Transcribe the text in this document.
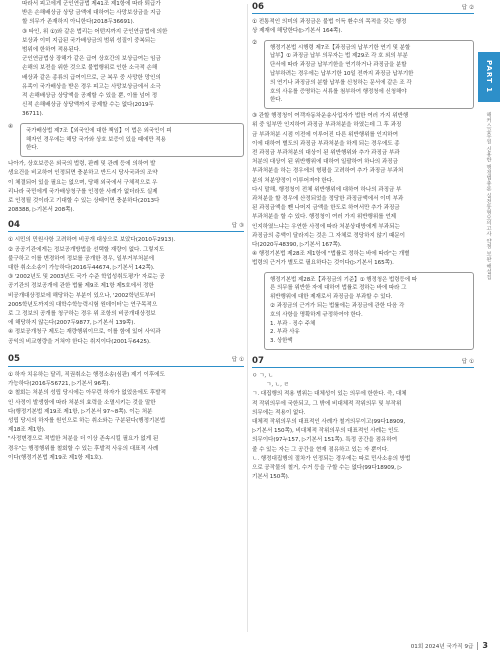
따라서 피고에게 군인연금법 제41조 제1항에 따라 퇴급가

받은 손해배상금 상당 금액에 대하여는 사망보상금을 지급

할 의무가 존재하지 아니한다(2018두36691).

③ 타인, 위 ①)와 같은 법리는 어떤지까지 군인연금법에 의한

보상과 이미 지급된 국가배상금의 범위 성질이 중복되는

범위에 한하여 적용된다.

군인연금법상 장해가 같은 급여 상호간의 보상급여는 임금

손해의 보전을 위한 것으로 불법행위로 인한 소극적 손해

배상과 같은 종류의 급여이므로, 군 복무 중 사망한 망인의

유족이 국가배상을 받은 경우 피고는 사망보상금에서 소극

적 손해배상금 상당액을 공제할 수 있을 뿐, 이를 넘어 정

신적 손해배상금 상당액까지 공제할 수는 없다(2019두

36711).

④

국가배상법 제7조【외국인에 대한 책임】이 법은 외국인이 피

해자인 경우에는 해당 국가와 상호 보증이 있을 때에만 적용

한다.

나아가, 상호보증은 외국의 법령, 판례 및 관례 등에 의하여 발

생요건을 비교하여 인정되면 충분하고 반드시 당사국과의 조약

이 체결되어 있을 필요는 없으며, 당해 외국에서 구체적으로 우

리나라 국민에게 국가배상청구를 인정한 사례가 없더라도 실제

로 인정될 것이라고 기대할 수 있는 상태이면 충분하다(2013다

208388, ▷기본서 208쪽).

04	답 ③

① 시민의 민원사항 고려하여 비공개 대상으로 보았다(2010두2913).

② 공공기관에게는 정보공개방법을 선택할 재량이 없다. 그렇지도

불구하고 이를 변경하여 정보를 공개한 경우, 일부거부처분에

대한 취소소송이 가능하다(2016두44674, ▷기본서 142쪽).

③ '2002년도 및 2003년도 국가 수준 학업성취도평가' 자료는 공

공기관의 정보공개에 관한 법률 제9조 제1항 제5호에서 정한

비공개대상정보에 해당하는 부분이 있으나, '2002학년도부터

2005학년도까지의 대학수학능력시험 원데이터'는 연구목적으

로 그 정보의 공개를 청구하는 경우 위 조항의 비공개대상정보

에 해당하지 않는다(2007두9877, ▷기본서 139쪽).

④ 정보공개청구 제도는 재량행위이므로, 이를 함에 있어 사익과

공익의 비교형량을 거쳐야 한다는 취지이다(2001두6425).

05	답 ①

① 하자 치유하는 달리, 직권취소는 행정소송(심판) 제기 이후에도

가능하다(2016두56721, ▷기본서 96쪽).

② 철회는 처분의 성립 당시에는 아무런 하자가 없었음에도 후발적

인 사정이 발생함에 따라 처분의 효력을 소멸시키는 것을 말한

다(행정기본법 제19조 제1항, ▷기본서 97~8쪽). 이는 처분

성립 당시의 하자를 원인으로 하는 취소와는 구분된다(행정기본법

제18조 제1항).

"사정변경으로 적법한 처분을 더 이상 존속시킬 필요가 없게 된

경우"는 행정행위를 철회할 수 있는 후발적 사유의 대표적 사례

이다(행정기본법 제19조 제1항 제1호).

06	답 ②

① 전통적인 의미의 과징금은 불법 이득 환수의 목적을 갖는 행정

상 제재에 해당한다(▷기본서 164쪽).

②

행정기본법 시행령 제7조【과징금의 납부기한 연기 및 분할

납부】① 과징금 납부 의무자는 법 제29조 각 호 외의 부분

단서에 따라 과징금 납부기한을 연기하거나 과징금을 분할

납부하려는 경우에는 납부기한 10일 전까지 과징금 납부기한

의 연기나 과징금의 분할 납부를 신청하는 문서에 같은 조 각

호의 사유를 증명하는 서류를 첨부하여 행정청에 신청해야

한다.

③ 관할 행정청이 여객자동차운송사업자가 법한 여러 가지 위반행

위 중 일부만 인지하여 과징금 부과처분을 하였는데 그 후 과징

금 부과처분 시점 이전에 이루어진 다른 위반행위를 인지하여

이에 대하여 별도의 과징금 부과처분을 하게 되는 경우에도 종

전 과징금 부과처분의 대상이 된 위반행위와 추가 과징금 부과

처분의 대상이 된 위반행위에 대하여 일괄하여 하나의 과징금

부과처분을 하는 경우에의 형평을 고려하여 추가 과징금 부과처

분의 처분양정이 이루어져야 한다.

다시 말해, 행정청이 전체 위반행위에 대하여 하나의 과징금 부

과처분을 할 경우에 산정되었을 정당한 과징금액에서 이미 부과

된 과징금액을 뺀 나머지 금액을 한도로 하여서만 추가 과징금

부과처분을 할 수 있다. 행정청이 여러 가지 위반행위를 언제

인지하였느냐는 우연한 사정에 따라 처분상대방에게 부과되는

과징금의 총액이 달라지는 것은 그 자체로 정당하지 않기 때문이

다(2020두48390, ▷기본서 167쪽).

④ 행정기본법 제28조 제1항에 "법률로 정하는 바에 따라"는 개별

법령의 근거가 별도로 필요하다는 것이다(▷기본서 165쪽).

행정기본법 제28조【과징금의 기준】① 행정청은 법령등에 따

른 의무를 위반한 자에 대하여 법률로 정하는 바에 따라 그

위반행위에 대한 제재로서 과징금을 부과할 수 있다.

② 과징금의 근거가 되는 법률에는 과징금에 관한 다음 각

호의 사항을 명확하게 규정하여야 한다.

1. 부과 · 징수 주체

2. 부과 사유

3. 상한액

07	답 ①

ㅇ ㄱ, ㄴ

ㄱ, ㄴ, ㄹ

ㄱ. 대집행의 적용 범위는 대체성이 있는 의무에 한한다. 즉, 대체

적 작위의무에 국한되고, 그 밖에 비대체적 작위의무 및 부작위

의무에는 적용이 없다.

대체적 작위의무의 대표적인 사례가 철거의무이고(99다18909,

▷기본서 150쪽), 비대체적 작위의무의 대표적인 사례는 인도

의무이다(97누157, ▷기본서 151쪽). 특정 공간을 점유하여

줄 수 있는 자는 그 공간을 현재 점유하고 있는 자 뿐이다.

ㄴ. 행정대집행의 절차가 인정되는 경우에는 따로 민사소송의 방법

으로 공작물의 철거, 수거 등을 구할 수는 없다(99다18909, ▷

기본서 150쪽).

PART 1
해커스공무원 신용한 행정법총론 실전동형모의고사 약점 보완 해설집
01회 2024년 국가직 9급 3
